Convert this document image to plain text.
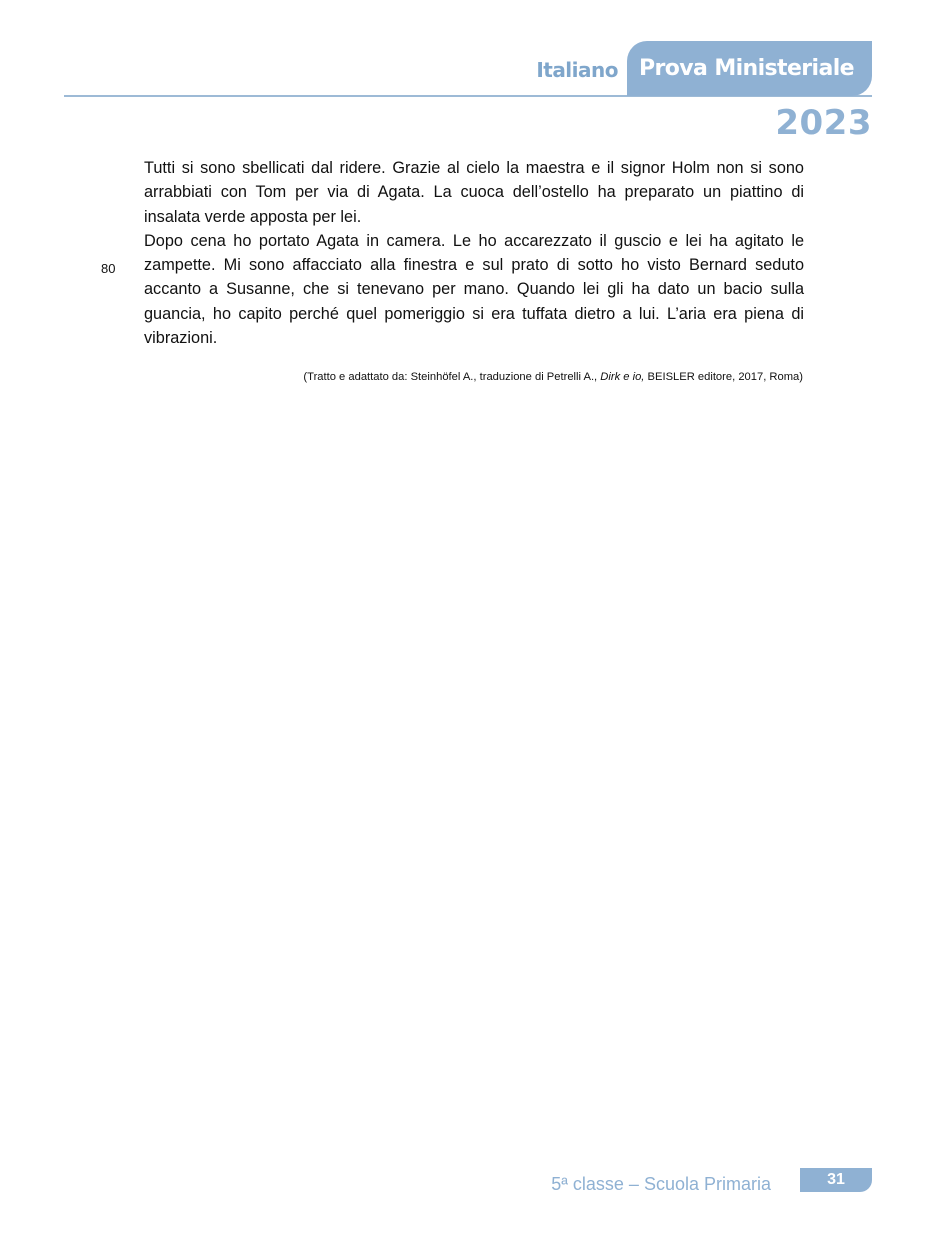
Italiano Prova Ministeriale
2023
80

Tutti si sono sbellicati dal ridere. Grazie al cielo la maestra e il signor Holm non si sono arrabbiati con Tom per via di Agata. La cuoca dell’ostello ha preparato un piattino di insalata verde apposta per lei.

Dopo cena ho portato Agata in camera. Le ho accarezzato il guscio e lei ha agitato le zampette. Mi sono affacciato alla finestra e sul prato di sotto ho visto Bernard seduto accanto a Susanne, che si tenevano per mano. Quando lei gli ha dato un bacio sulla guancia, ho capito perché quel pomeriggio si era tuffata dietro a lui. L’aria era piena di vibrazioni.

(Tratto e adattato da: Steinhöfel A., traduzione di Petrelli A., Dirk e io, BEISLER editore, 2017, Roma)
5ª classe – Scuola Primaria	31
